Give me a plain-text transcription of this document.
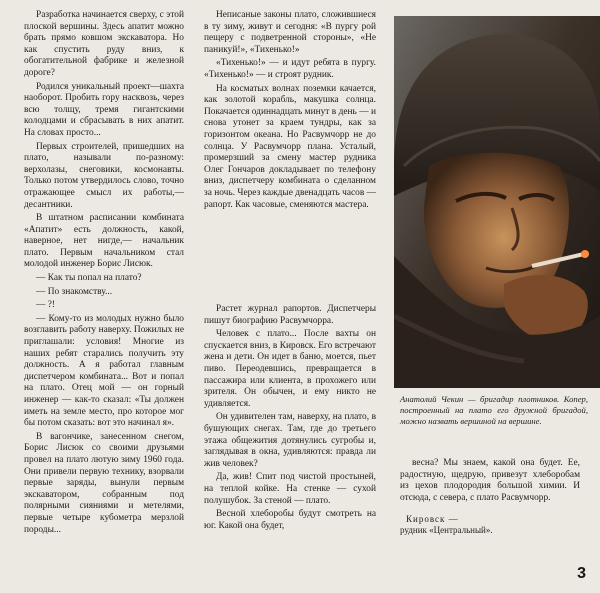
Разработка начинается сверху, с этой плоской вершины. Здесь апатит можно брать прямо ковшом экскаватора. Но как спустить руду вниз, к обогатительной фабрике и железной дороге?

Родился уникальный проект—шахта наоборот. Пробить гору насквозь, через всю толщу, тремя гигантскими колодцами и сбрасывать в них апатит. На словах просто...

Первых строителей, пришедших на плато, называли по-разному: верхолазы, снеговики, космонавты. Только потом утвердилось слово, точно отражающее смысл их работы,— десантники.

В штатном расписании комбината «Апатит» есть должность, какой, наверное, нет нигде,— начальник плато. Первым начальником стал молодой инженер Борис Лисюк.

— Как ты попал на плато?

— По знакомству...

— ?!

— Кому-то из молодых нужно было возглавить работу наверху. Пожилых не приглашали: условия! Многие из наших ребят старались получить эту должность. А я работал главным диспетчером комбината... Вот и попал на плато. Отец мой — он горный инженер — как-то сказал: «Ты должен иметь на земле место, про которое мог бы потом сказать: вот это начинал я».

В вагончике, занесенном снегом, Борис Лисюк со своими друзьями провел на плато лютую зиму 1960 года. Они привели первую технику, взорвали первые заряды, вынули первым экскаватором, собранным под полярными сияниями и метелями, первые четыре кубометра мерзлой породы...

Неписаные законы плато, сложившиеся в ту зиму, живут и сегодня: «В пургу рой пещеру с подветренной стороны», «Не паникуй!», «Тихенько!»

«Тихенько!» — и идут ребята в пургу. «Тихенько!» — и строят рудник.

На косматых волнах поземки качается, как золотой корабль, макушка солнца. Покачается одиннадцать минут в день — и снова утонет за краем тундры, как за горизонтом океана. Но Расвумчорр не до солнца. У Расвумчорр плана. Усталый, промерзший за смену мастер рудника Олег Гончаров докладывает по телефону вниз, диспетчеру комбината о сделанном за ночь. Через каждые двенадцать часов — рапорт. Как часовые, сменяются мастера.

Растет журнал рапортов. Диспетчеры пишут биографию Расвумчорра.

Человек с плато... После вахты он спускается вниз, в Кировск. Его встречают жена и дети. Он идет в баню, моется, пьет пиво. Переодевшись, превращается в пассажира или клиента, в прохожего или зрителя. Он обычен, и ему никто не удивляется.

Он удивителен там, наверху, на плато, в бушующих снегах. Там, где до третьего этажа общежития дотянулись сугробы и, заглядывая в окна, удивляются: правда ли жив человек?

Да, жив! Спит под чистой простыней, на теплой койке. На стенке — сухой полушубок. За стеной — плато.

Весной хлеборобы будут смотреть на юг. Какой она будет,

Анатолий Чекин — бригадир плотников. Копер, построенный на плато его дружной бригадой, можно назвать вершиной на вершине.

весна? Мы знаем, какой она будет. Ее, радостную, щедрую, привезут хлеборобам из цехов плодородия большой химии. И отсюда, с севера, с плато Расвумчорр.

Кировск —
рудник «Центральный».
3
